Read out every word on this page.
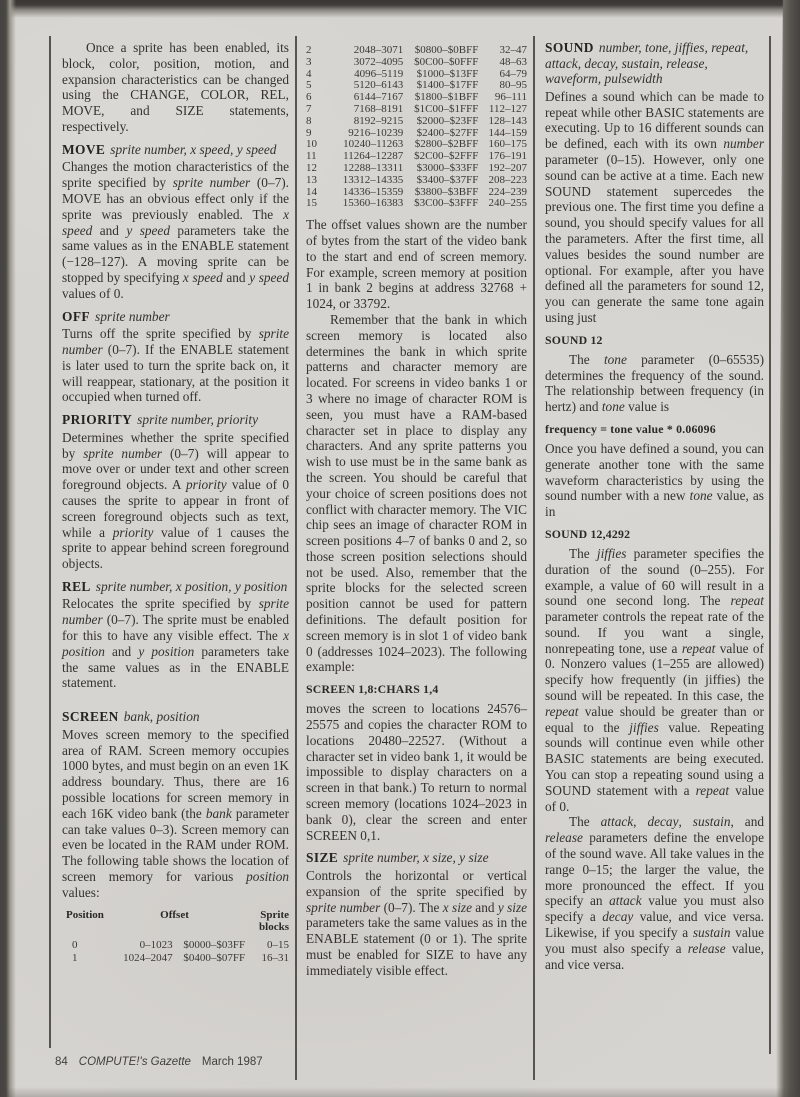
Once a sprite has been enabled, its block, color, position, motion, and expansion characteristics can be changed using the CHANGE, COLOR, REL, MOVE, and SIZE statements, respectively.

MOVE sprite number, x speed, y speed

Changes the motion characteristics of the sprite specified by sprite number (0–7). MOVE has an obvious effect only if the sprite was previously enabled. The x speed and y speed parameters take the same values as in the ENABLE statement (−128–127). A moving sprite can be stopped by specifying x speed and y speed values of 0.

OFF sprite number

Turns off the sprite specified by sprite number (0–7). If the ENABLE statement is later used to turn the sprite back on, it will reappear, stationary, at the position it occupied when turned off.

PRIORITY sprite number, priority

Determines whether the sprite specified by sprite number (0–7) will appear to move over or under text and other screen foreground objects. A priority value of 0 causes the sprite to appear in front of screen foreground objects such as text, while a priority value of 1 causes the sprite to appear behind screen foreground objects.

REL sprite number, x position, y position

Relocates the sprite specified by sprite number (0–7). The sprite must be enabled for this to have any visible effect. The x position and y position parameters take the same values as in the ENABLE statement.

SCREEN bank, position

Moves screen memory to the specified area of RAM. Screen memory occupies 1000 bytes, and must begin on an even 1K address boundary. Thus, there are 16 possible locations for screen memory in each 16K video bank (the bank parameter can take values 0–3). Screen memory can even be located in the RAM under ROM. The following table shows the location of screen memory for various position values:

Position	Offset		Sprite blocks
0	0–1023	$0000–$03FF	0–15
1	1024–2047	$0400–$07FF	16–31
2	2048–3071	$0800–$0BFF	32–47
3	3072–4095	$0C00–$0FFF	48–63
4	4096–5119	$1000–$13FF	64–79
5	5120–6143	$1400–$17FF	80–95
6	6144–7167	$1800–$1BFF	96–111
7	7168–8191	$1C00–$1FFF	112–127
8	8192–9215	$2000–$23FF	128–143
9	9216–10239	$2400–$27FF	144–159
10	10240–11263	$2800–$2BFF	160–175
11	11264–12287	$2C00–$2FFF	176–191
12	12288–13311	$3000–$33FF	192–207
13	13312–14335	$3400–$37FF	208–223
14	14336–15359	$3800–$3BFF	224–239
15	15360–16383	$3C00–$3FFF	240–255

The offset values shown are the number of bytes from the start of the video bank to the start and end of screen memory. For example, screen memory at position 1 in bank 2 begins at address 32768 + 1024, or 33792.

Remember that the bank in which screen memory is located also determines the bank in which sprite patterns and character memory are located. For screens in video banks 1 or 3 where no image of character ROM is seen, you must have a RAM-based character set in place to display any characters. And any sprite patterns you wish to use must be in the same bank as the screen. You should be careful that your choice of screen positions does not conflict with character memory. The VIC chip sees an image of character ROM in screen positions 4–7 of banks 0 and 2, so those screen position selections should not be used. Also, remember that the sprite blocks for the selected screen position cannot be used for pattern definitions. The default position for screen memory is in slot 1 of video bank 0 (addresses 1024–2023). The following example:

SCREEN 1,8:CHARS 1,4

moves the screen to locations 24576–25575 and copies the character ROM to locations 20480–22527. (Without a character set in video bank 1, it would be impossible to display characters on a screen in that bank.) To return to normal screen memory (locations 1024–2023 in bank 0), clear the screen and enter SCREEN 0,1.

SIZE sprite number, x size, y size

Controls the horizontal or vertical expansion of the sprite specified by sprite number (0–7). The x size and y size parameters take the same values as in the ENABLE statement (0 or 1). The sprite must be enabled for SIZE to have any immediately visible effect.

SOUND number, tone, jiffies, repeat, attack, decay, sustain, release, waveform, pulsewidth

Defines a sound which can be made to repeat while other BASIC statements are executing. Up to 16 different sounds can be defined, each with its own number parameter (0–15). However, only one sound can be active at a time. Each new SOUND statement supercedes the previous one. The first time you define a sound, you should specify values for all the parameters. After the first time, all values besides the sound number are optional. For example, after you have defined all the parameters for sound 12, you can generate the same tone again using just

SOUND 12

The tone parameter (0–65535) determines the frequency of the sound. The relationship between frequency (in hertz) and tone value is

frequency = tone value * 0.06096

Once you have defined a sound, you can generate another tone with the same waveform characteristics by using the sound number with a new tone value, as in

SOUND 12,4292

The jiffies parameter specifies the duration of the sound (0–255). For example, a value of 60 will result in a sound one second long. The repeat parameter controls the repeat rate of the sound. If you want a single, nonrepeating tone, use a repeat value of 0. Nonzero values (1–255 are allowed) specify how frequently (in jiffies) the sound will be repeated. In this case, the repeat value should be greater than or equal to the jiffies value. Repeating sounds will continue even while other BASIC statements are being executed. You can stop a repeating sound using a SOUND statement with a repeat value of 0.

The attack, decay, sustain, and release parameters define the envelope of the sound wave. All take values in the range 0–15; the larger the value, the more pronounced the effect. If you specify an attack value you must also specify a decay value, and vice versa. Likewise, if you specify a sustain value you must also specify a release value, and vice versa.

84 COMPUTE!'s Gazette March 1987
